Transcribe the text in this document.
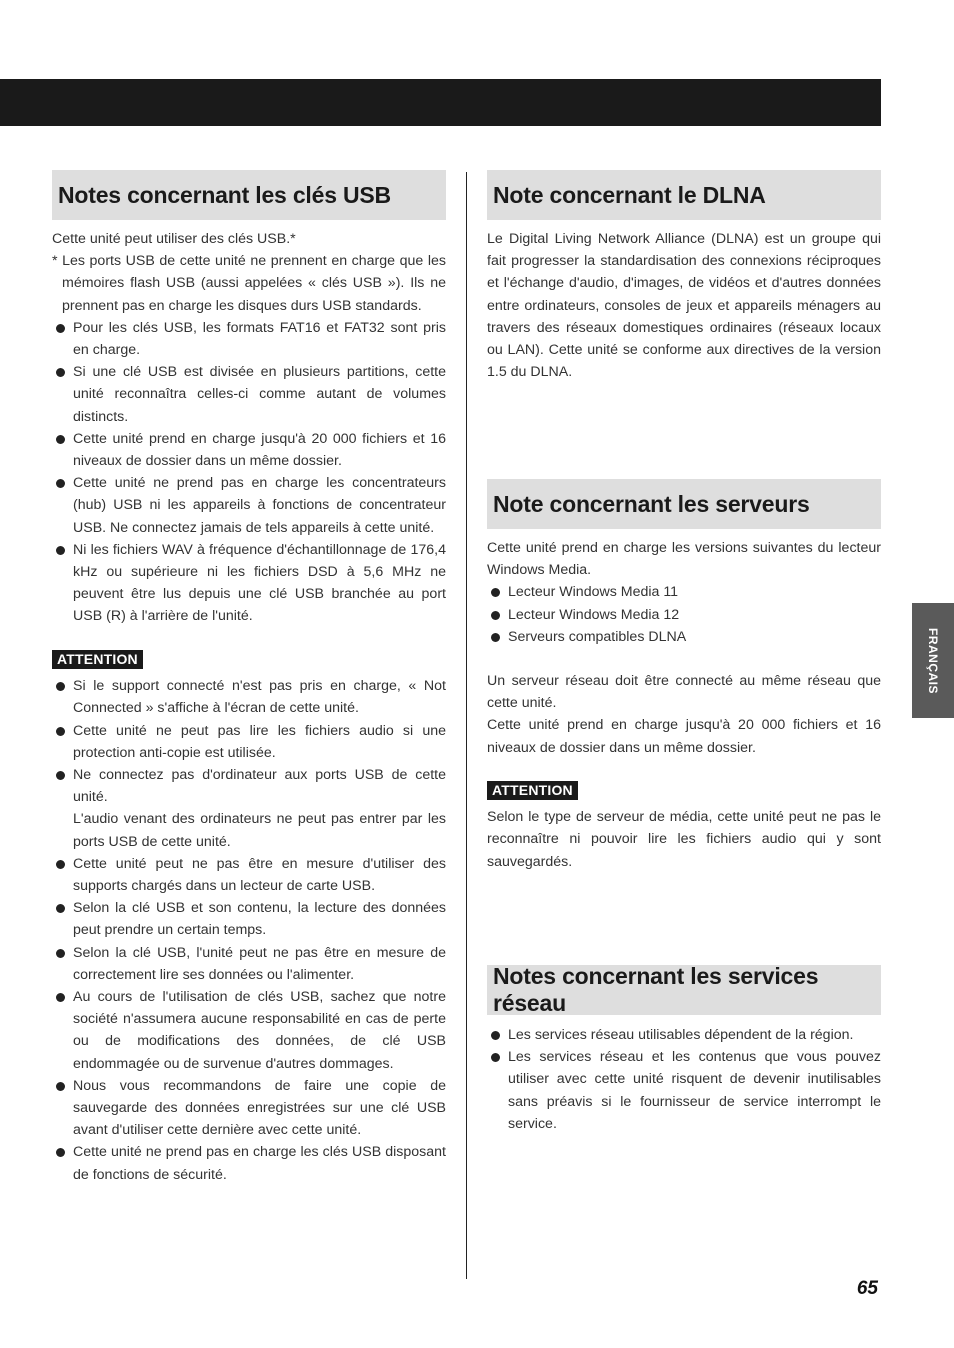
Notes concernant les clés USB

Cette unité peut utiliser des clés USB.*

* Les ports USB de cette unité ne prennent en charge que les mémoires flash USB (aussi appelées « clés USB »). Ils ne prennent pas en charge les disques durs USB standards.

Pour les clés USB, les formats FAT16 et FAT32 sont pris en charge.
Si une clé USB est divisée en plusieurs partitions, cette unité reconnaîtra celles-ci comme autant de volumes distincts.
Cette unité prend en charge jusqu'à 20 000 fichiers et 16 niveaux de dossier dans un même dossier.
Cette unité ne prend pas en charge les concentrateurs (hub) USB ni les appareils à fonctions de concentrateur USB. Ne connectez jamais de tels appareils à cette unité.
Ni les fichiers WAV à fréquence d'échantillonnage de 176,4 kHz ou supérieure ni les fichiers DSD à 5,6 MHz ne peuvent être lus depuis une clé USB branchée au port USB (R) à l'arrière de l'unité.
ATTENTION
Si le support connecté n'est pas pris en charge, « Not Connected » s'affiche à l'écran de cette unité.
Cette unité ne peut pas lire les fichiers audio si une protection anti-copie est utilisée.
Ne connectez pas d'ordinateur aux ports USB de cette unité.
L'audio venant des ordinateurs ne peut pas entrer par les ports USB de cette unité.
Cette unité peut ne pas être en mesure d'utiliser des supports chargés dans un lecteur de carte USB.
Selon la clé USB et son contenu, la lecture des données peut prendre un certain temps.
Selon la clé USB, l'unité peut ne pas être en mesure de correctement lire ses données ou l'alimenter.
Au cours de l'utilisation de clés USB, sachez que notre société n'assumera aucune responsabilité en cas de perte ou de modifications des données, de clé USB endommagée ou de survenue d'autres dommages.
Nous vous recommandons de faire une copie de sauvegarde des données enregistrées sur une clé USB avant d'utiliser cette dernière avec cette unité.
Cette unité ne prend pas en charge les clés USB disposant de fonctions de sécurité.
Note concernant le DLNA

Le Digital Living Network Alliance (DLNA) est un groupe qui fait progresser la standardisation des connexions réciproques et l'échange d'audio, d'images, de vidéos et d'autres données entre ordinateurs, consoles de jeux et appareils ménagers au travers des réseaux domestiques ordinaires (réseaux locaux ou LAN). Cette unité se conforme aux directives de la version 1.5 du DLNA.

Note concernant les serveurs

Cette unité prend en charge les versions suivantes du lecteur Windows Media.

Lecteur Windows Media 11
Lecteur Windows Media 12
Serveurs compatibles DLNA

Un serveur réseau doit être connecté au même réseau que cette unité.

Cette unité prend en charge jusqu'à 20 000 fichiers et 16 niveaux de dossier dans un même dossier.

ATTENTION

Selon le type de serveur de média, cette unité peut ne pas le reconnaître ni pouvoir lire les fichiers audio qui y sont sauvegardés.

Notes concernant les services réseau
Les services réseau utilisables dépendent de la région.
Les services réseau et les contenus que vous pouvez utiliser avec cette unité risquent de devenir inutilisables sans préavis si le fournisseur de service interrompt le service.
FRANÇAIS
65
